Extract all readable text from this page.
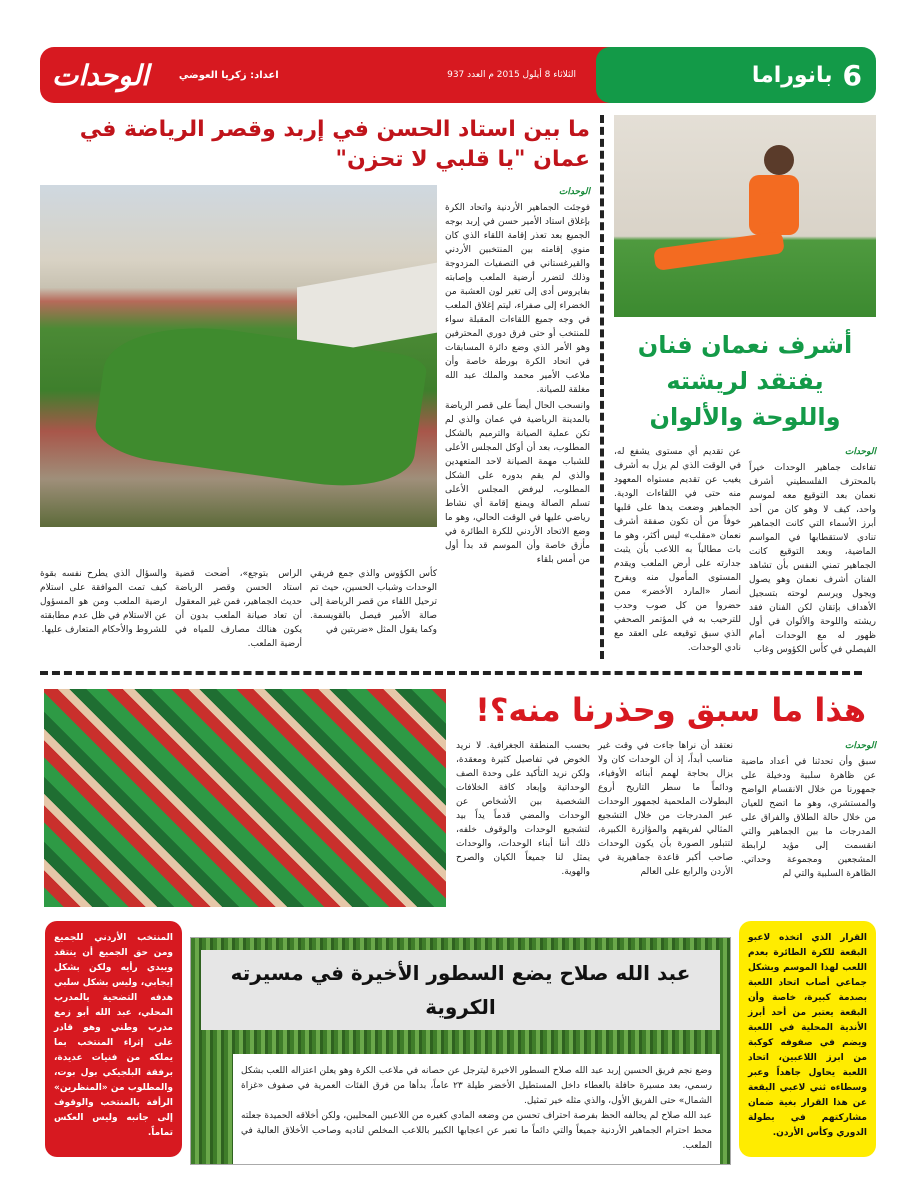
6
بانوراما
الوحدات	اعداد: زكريا العوضي	الثلاثاء 8 أيلول 2015 م العدد 937
أشرف نعمان فنان يفتقد لريشته واللوحة والألوان
الوحدات

تفاءلت جماهير الوحدات خيراً بالمحترف الفلسطيني أشرف نعمان بعد التوقيع معه لموسم واحد، كيف لا وهو كان من أحد أبرز الأسماء التي كانت الجماهير تنادي لاستقطابها في المواسم الماضية، وبعد التوقيع كانت الجماهير تمني النفس بأن تشاهد الفنان أشرف نعمان وهو يصول ويجول ويرسم لوحته بتسجيل الأهداف بإتقان لكن الفنان فقد ريشته واللوحة والألوان في أول ظهور له مع الوحدات أمام الفيصلي في كأس الكؤوس وغاب

عن تقديم أي مستوى يشفع له، في الوقت الذي لم يزل به أشرف يغيب عن تقديم مستواه المعهود منه حتى في اللقاءات الودية. الجماهير وضعت يدها على قلبها خوفاً من أن تكون صفقة أشرف نعمان «مقلب» ليس أكثر، وهو ما بات مطالباً به اللاعب بأن يثبت جدارته على أرض الملعب ويقدم المستوى المأمول منه ويفرح أنصار «المارد الأخضر» ممن حضروا من كل صوب وحدب للترحيب به في المؤتمر الصحفي الذي سبق توقيعه على العقد مع نادي الوحدات.
ما بين استاد الحسن في إربد وقصر الرياضة في عمان "يا قلبي لا تحزن"
الوحدات

فوجئت الجماهير الأردنية واتحاد الكرة بإغلاق استاد الأمير حسن في إربد بوجه الجميع بعد تعذر إقامة اللقاء الذي كان منوي إقامته بين المنتخبين الأردني والقيرغستاني في التصفيات المزدوجة وذلك لتضرر أرضية الملعب وإصابته بفايروس أدى إلى تغير لون العشبة من الخضراء إلى صفراء، ليتم إغلاق الملعب في وجه جميع اللقاءات المقبلة سواء للمنتخب أو حتى فرق دوري المحترفين وهو الأمر الذي وضع دائرة المسابقات في اتحاد الكرة بورطة خاصة وأن ملاعب الأمير محمد والملك عبد الله مغلقة للصيانة.

وانسحب الحال أيضاً على قصر الرياضة بالمدينة الرياضية في عمان والذي لم تكن عملية الصيانة والترميم بالشكل المطلوب، بعد أن أوكل المجلس الأعلى للشباب مهمة الصيانة لاحد المتعهدين والذي لم يقم بدوره على الشكل المطلوب، ليرفض المجلس الأعلى تسلم الصالة ويمنع إقامة أي نشاط رياضي عليها في الوقت الحالي، وهو ما وضع الاتحاد الأردني للكرة الطائرة في مأزق خاصة وأن الموسم قد بدأ أول من أمس بلقاء

كأس الكؤوس والذي جمع فريقي الوحدات وشباب الحسين، حيث تم ترحيل اللقاء من قصر الرياضة إلى صالة الأمير فيصل بالقويسمة. وكما يقول المثل «ضربتين في
الراس بتوجع»، أضحت قضية استاد الحسن وقصر الرياضة حديث الجماهير، فمن غير المعقول أن تعاد صيانة الملعب بدون أن يكون هنالك مصارف للمياه في أرضية الملعب.
والسؤال الذي يطرح نفسه بقوة كيف تمت الموافقة على استلام ارضية الملعب ومن هو المسؤول عن الاستلام في ظل عدم مطابقته للشروط والأحكام المتعارف عليها.
هذا ما سبق وحذرنا منه؟!
الوحدات

سبق وأن تحدثنا في أعداد ماضية عن ظاهرة سلبية ودخيلة على جمهورنا من خلال الانقسام الواضح والمستشري، وهو ما اتضح للعيان من خلال حالة الطلاق والفراق على المدرجات ما بين الجماهير والتي انقسمت إلى مؤيد لرابطة المشجعين ومجموعة وحداتي. الظاهرة السلبية والتي لم

نعتقد أن نراها جاءت في وقت غير مناسب أبداً، إذ أن الوحدات كان ولا يزال بحاجة لهمم أبنائه الأوفياء، ودائماً ما سطر التاريخ أروع البطولات الملحمية لجمهور الوحدات عبر المدرجات من خلال التشجيع المثالي لفريقهم والمؤازرة الكبيرة، لتتبلور الصورة بأن يكون الوحدات صاحب أكبر قاعدة جماهيرية في الأردن والرابع على العالم
بحسب المنطقة الجغرافية. لا نريد الخوض في تفاصيل كثيرة ومعقدة، ولكن نريد التأكيد على وحدة الصف الوحداتية وإبعاد كافة الخلافات الشخصية بين الأشخاص عن الوحدات والمضي قدماً يداً بيد لتشجيع الوحدات والوقوف خلفه، ذلك أننا أبناء الوحدات، والوحدات يمثل لنا جميعاً الكيان والصرح والهوية.

القرار الذي اتخذه لاعبو البقعة للكرة الطائرة بعدم اللعب لهذا الموسم وبشكل جماعي أصاب اتحاد اللعبة بصدمة كبيرة، خاصة وأن البقعة يعتبر من أحد أبرز الأندية المحلية في اللعبة ويضم في صفوفه كوكبة من ابرز اللاعبين، اتحاد اللعبة يحاول جاهداً وعبر وسطاءه ثني لاعبي البقعة عن هذا القرار بغية ضمان مشاركتهم في بطولة الدوري وكأس الأردن.

عبد الله صلاح يضع السطور الأخيرة في مسيرته الكروية

وضع نجم فريق الحسين إربد عبد الله صلاح السطور الاخيرة ليترجل عن حصانه في ملاعب الكرة وهو يعلن اعتزاله اللعب بشكل رسمي، بعد مسيرة حافلة بالعطاء داخل المستطيل الأخضر طيلة ٢٣ عاماً، بدأها من فرق الفئات العمرية في صفوف «غزاة الشمال» حتى الفريق الأول، والذي مثله خير تمثيل.

عبد الله صلاح لم يحالفه الحظ بفرصة احتراف تحسن من وضعه المادي كغيره من اللاعبين المحليين، ولكن أخلاقه الحميدة جعلته محط احترام الجماهير الأردنية جميعاً والتي دائماً ما تعبر عن اعجابها الكبير باللاعب المخلص لناديه وصاحب الأخلاق العالية في الملعب.

المنتخب الأردني للجميع ومن حق الجميع أن ينتقد ويبدي رأيه ولكن بشكل إيجابي، وليس بشكل سلبي هدفه التضحية بالمدرب المحلي، عبد الله أبو زمع مدرب وطني وهو قادر على إثراء المنتخب بما يملكه من فنيات عديدة، برفقة البلجيكي بول بوت، والمطلوب من «المنظرين» الرأفة بالمنتخب والوقوف إلى جانبه وليس العكس تماماً.
